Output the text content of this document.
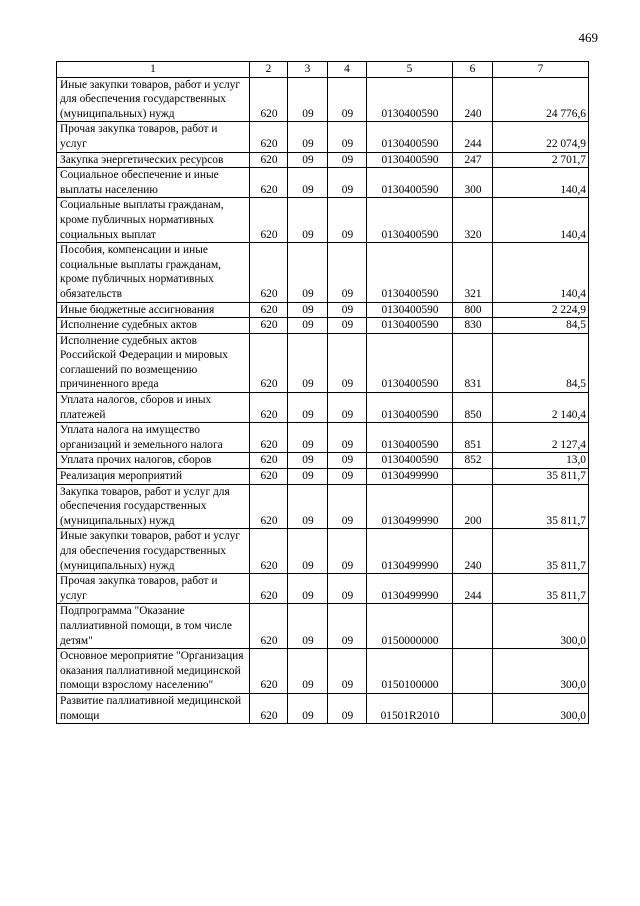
469
1	2	3	4	5	6	7
Иные закупки товаров, работ и услуг для обеспечения государственных (муниципальных) нужд	620	09	09	0130400590	240	24 776,6
Прочая закупка товаров, работ и услуг	620	09	09	0130400590	244	22 074,9
Закупка энергетических ресурсов	620	09	09	0130400590	247	2 701,7
Социальное обеспечение и иные выплаты населению	620	09	09	0130400590	300	140,4
Социальные выплаты гражданам, кроме публичных нормативных социальных выплат	620	09	09	0130400590	320	140,4
Пособия, компенсации и иные социальные выплаты гражданам, кроме публичных нормативных обязательств	620	09	09	0130400590	321	140,4
Иные бюджетные ассигнования	620	09	09	0130400590	800	2 224,9
Исполнение судебных актов	620	09	09	0130400590	830	84,5
Исполнение судебных актов Российской Федерации и мировых соглашений по возмещению причиненного вреда	620	09	09	0130400590	831	84,5
Уплата налогов, сборов и иных платежей	620	09	09	0130400590	850	2 140,4
Уплата налога на имущество организаций и земельного налога	620	09	09	0130400590	851	2 127,4
Уплата прочих налогов, сборов	620	09	09	0130400590	852	13,0
Реализация мероприятий	620	09	09	0130499990		35 811,7
Закупка товаров, работ и услуг для обеспечения государственных (муниципальных) нужд	620	09	09	0130499990	200	35 811,7
Иные закупки товаров, работ и услуг для обеспечения государственных (муниципальных) нужд	620	09	09	0130499990	240	35 811,7
Прочая закупка товаров, работ и услуг	620	09	09	0130499990	244	35 811,7
Подпрограмма "Оказание паллиативной помощи, в том числе детям"	620	09	09	0150000000		300,0
Основное мероприятие "Организация оказания паллиативной медицинской помощи взрослому населению"	620	09	09	0150100000		300,0
Развитие паллиативной медицинской помощи	620	09	09	01501R2010		300,0
